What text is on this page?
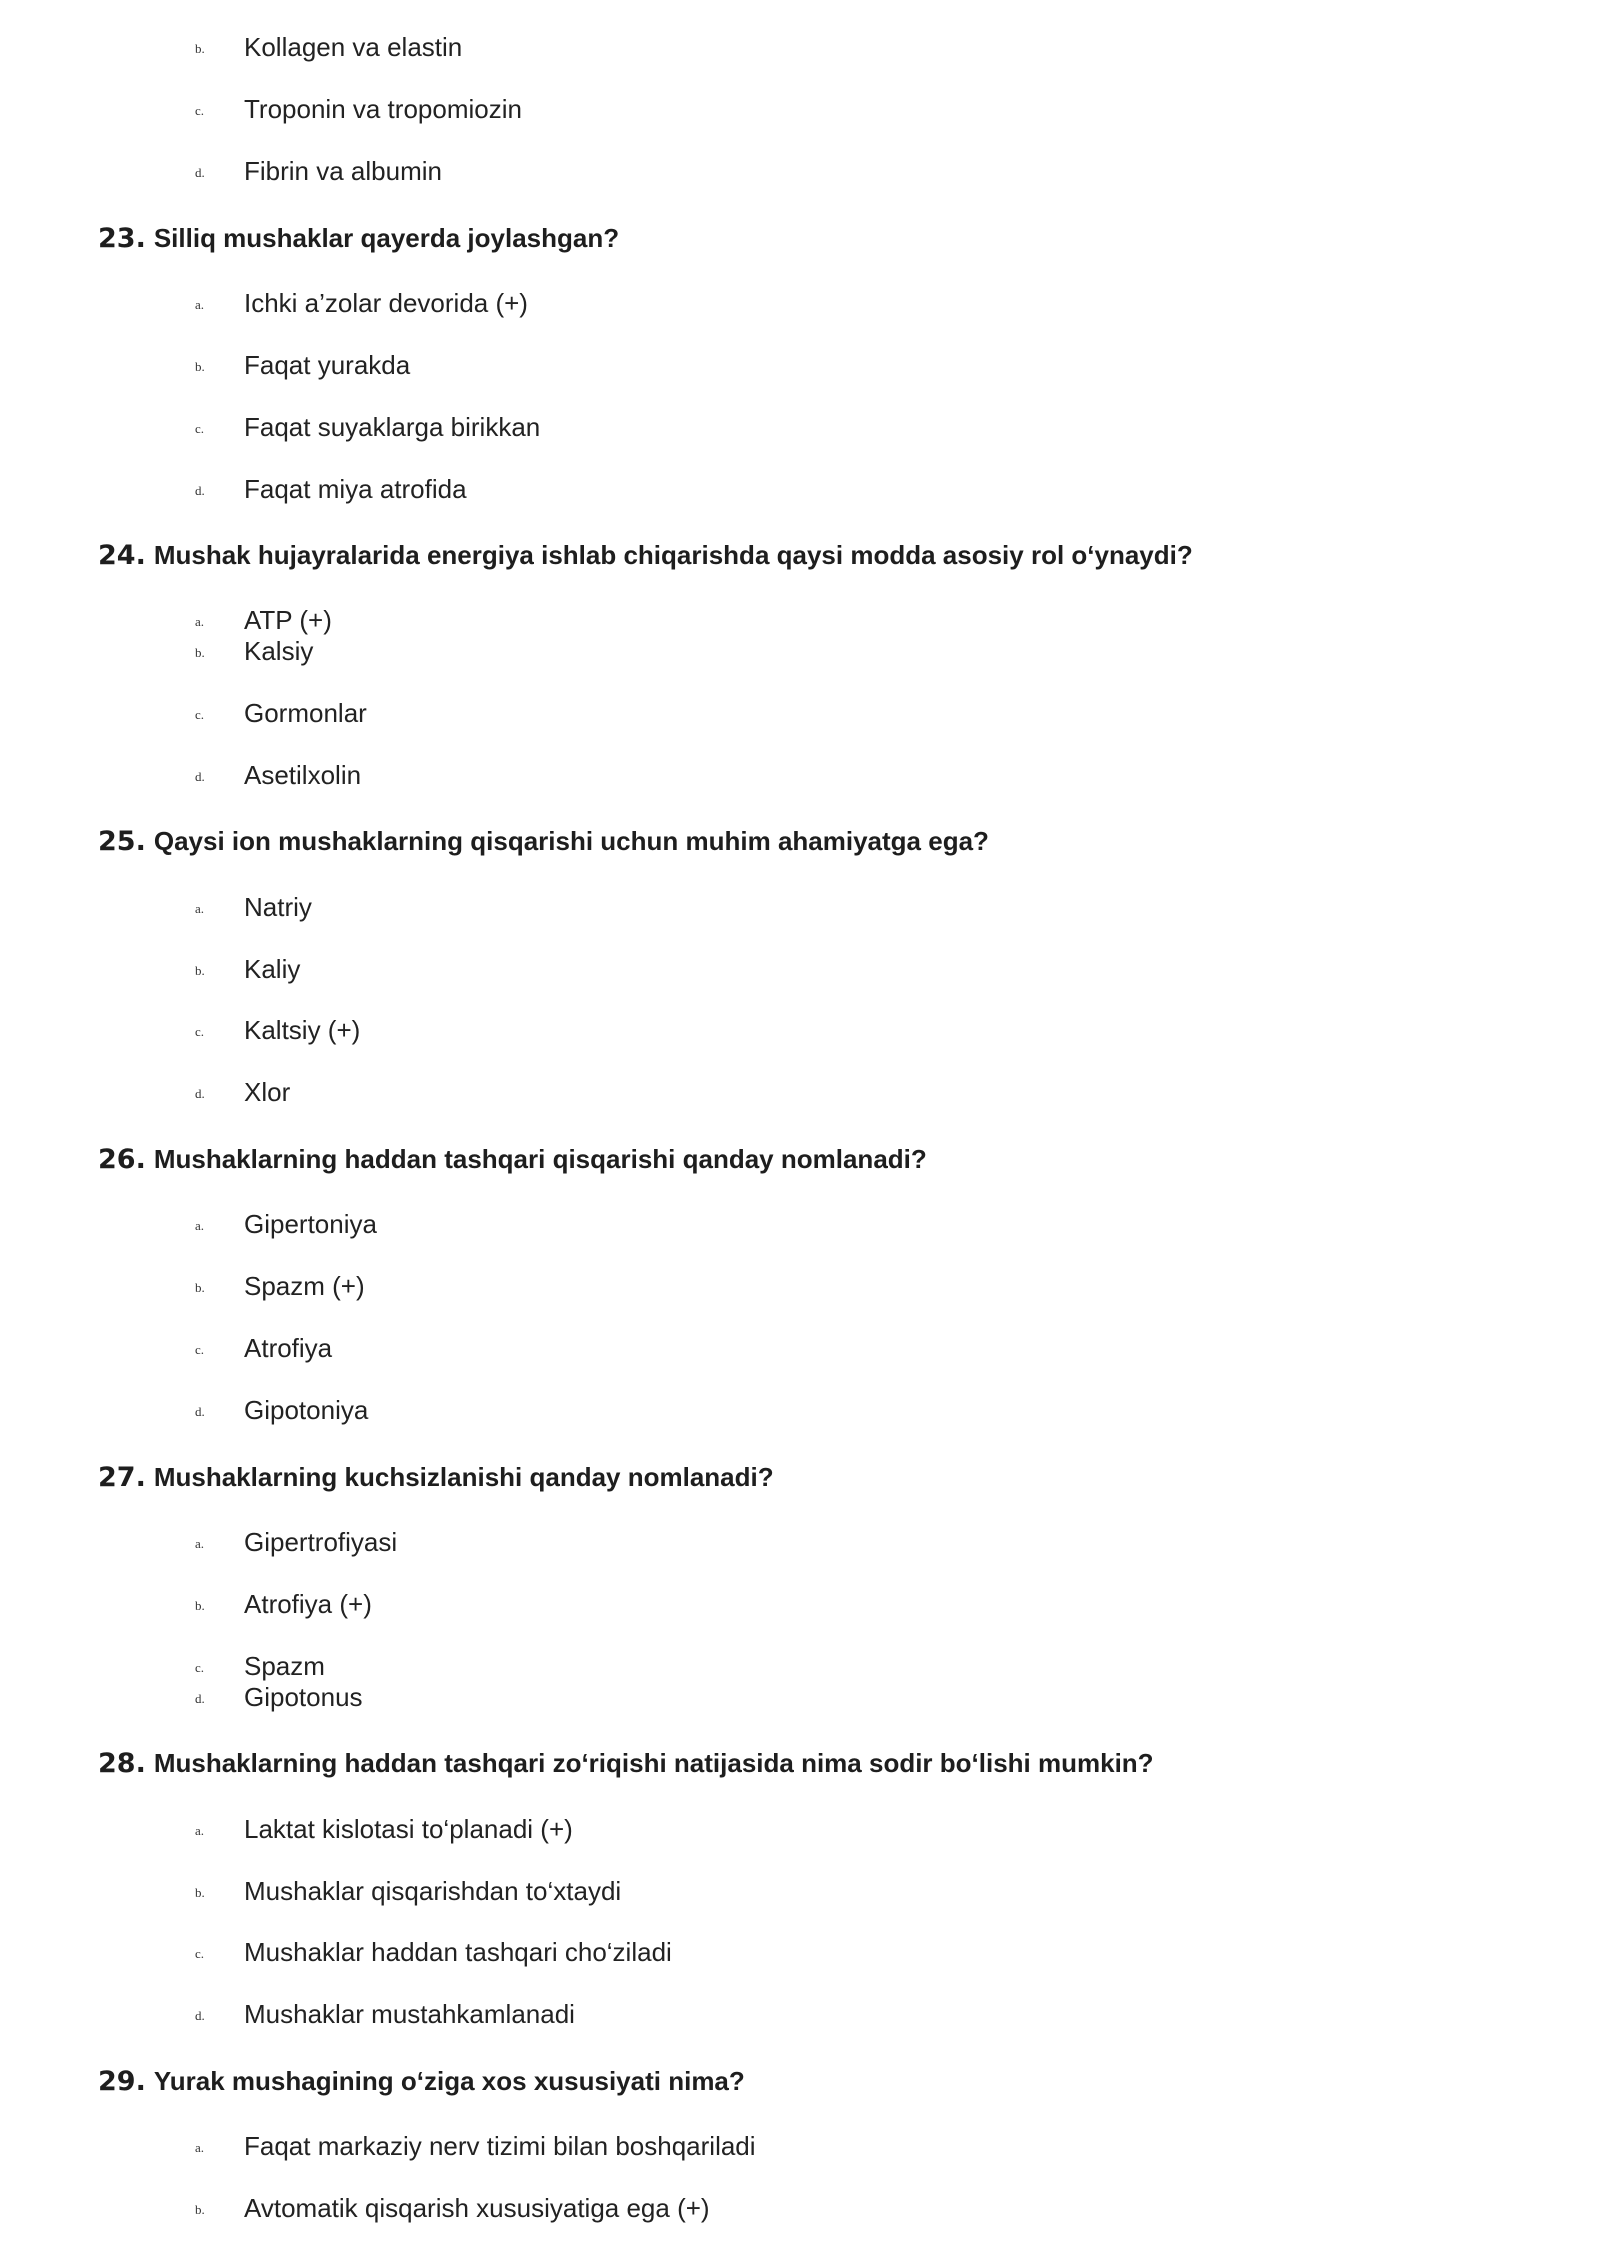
b. Kollagen va elastin
c. Troponin va tropomiozin
d. Fibrin va albumin
23. Silliq mushaklar qayerda joylashgan?
a. Ichki a’zolar devorida (+)
b. Faqat yurakda
c. Faqat suyaklarga birikkan
d. Faqat miya atrofida
24. Mushak hujayralarida energiya ishlab chiqarishda qaysi modda asosiy rol o‘ynaydi?
a. ATP (+)
b. Kalsiy
c. Gormonlar
d. Asetilxolin
25. Qaysi ion mushaklarning qisqarishi uchun muhim ahamiyatga ega?
a. Natriy
b. Kaliy
c. Kaltsiy (+)
d. Xlor
26. Mushaklarning haddan tashqari qisqarishi qanday nomlanadi?
a. Gipertoniya
b. Spazm (+)
c. Atrofiya
d. Gipotoniya
27. Mushaklarning kuchsizlanishi qanday nomlanadi?
a. Gipertrofiyasi
b. Atrofiya (+)
c. Spazm
d. Gipotonus
28. Mushaklarning haddan tashqari zo‘riqishi natijasida nima sodir bo‘lishi mumkin?
a. Laktat kislotasi to‘planadi (+)
b. Mushaklar qisqarishdan to‘xtaydi
c. Mushaklar haddan tashqari cho‘ziladi
d. Mushaklar mustahkamlanadi
29. Yurak mushagining o‘ziga xos xususiyati nima?
a. Faqat markaziy nerv tizimi bilan boshqariladi
b. Avtomatik qisqarish xususiyatiga ega (+)
